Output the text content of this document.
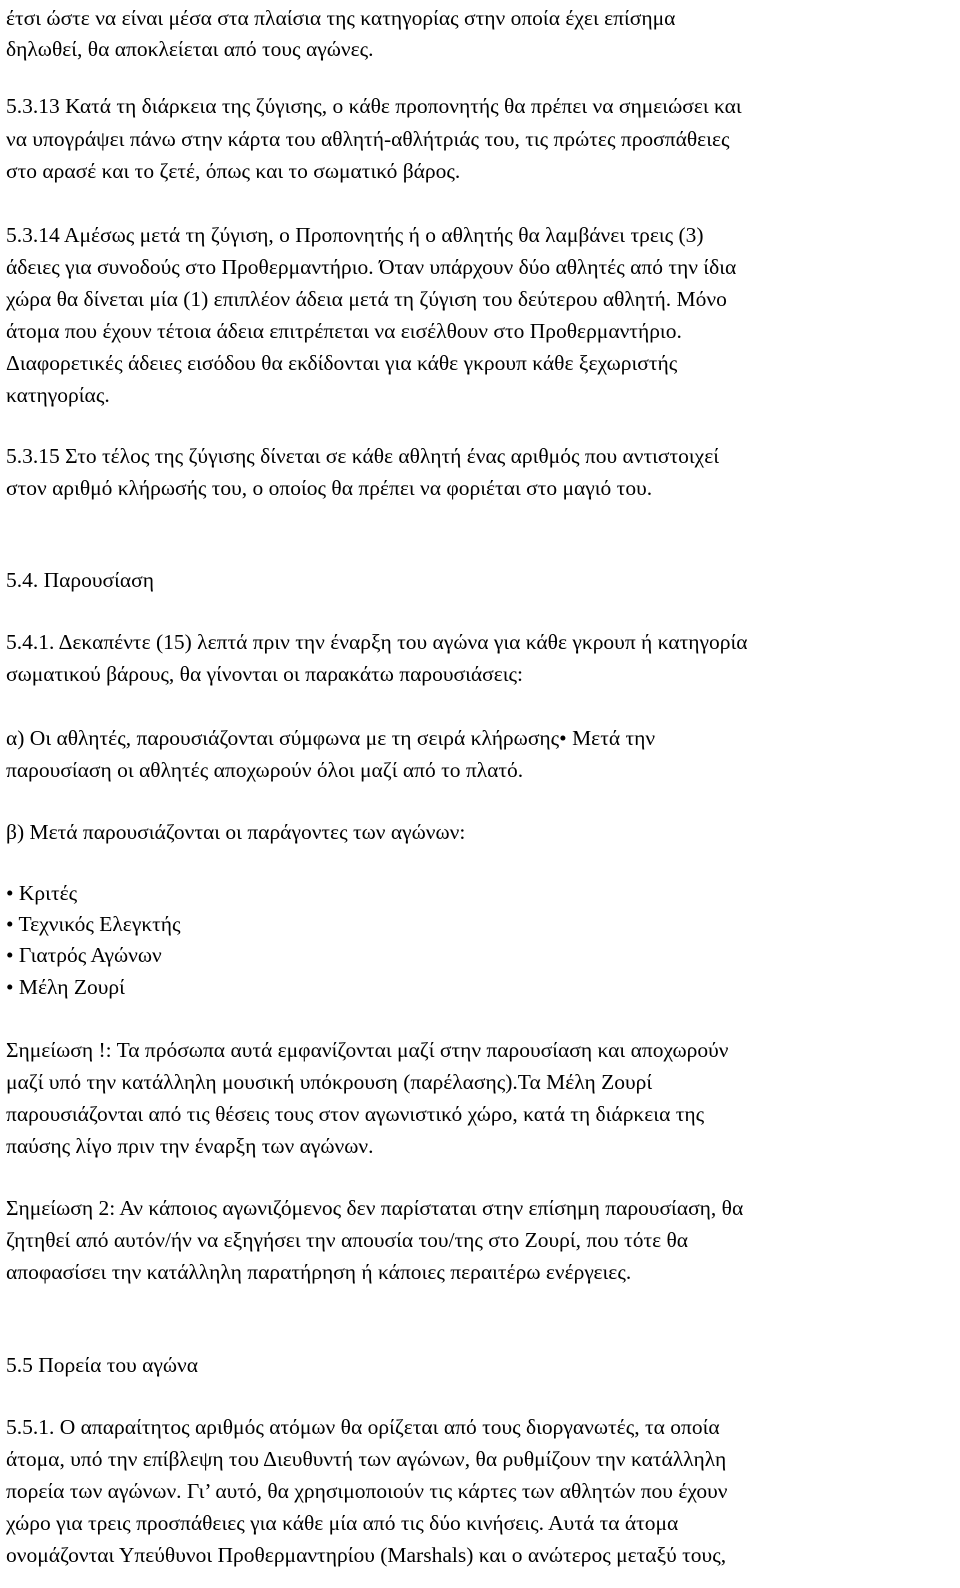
έτσι ώστε να είναι μέσα στα πλαίσια της κατηγορίας στην οποία έχει επίσημα
δηλωθεί, θα αποκλείεται από τους αγώνες.
5.3.13 Κατά τη διάρκεια της ζύγισης, ο κάθε προπονητής θα πρέπει να σημειώσει και
να υπογράψει πάνω στην κάρτα του αθλητή-αθλήτριάς του, τις πρώτες προσπάθειες
στο αρασέ και το ζετέ, όπως και το σωματικό βάρος.
5.3.14 Αμέσως μετά τη ζύγιση, ο Προπονητής ή ο αθλητής θα λαμβάνει τρεις (3)
άδειες για συνοδούς στο Προθερμαντήριο. Όταν υπάρχουν δύο αθλητές από την ίδια
χώρα θα δίνεται μία (1) επιπλέον άδεια μετά τη ζύγιση του δεύτερου αθλητή. Μόνο
άτομα που έχουν τέτοια άδεια επιτρέπεται να εισέλθουν στο Προθερμαντήριο.
Διαφορετικές άδειες εισόδου θα εκδίδονται για κάθε γκρουπ κάθε ξεχωριστής
κατηγορίας.
5.3.15 Στο τέλος της ζύγισης δίνεται σε κάθε αθλητή ένας αριθμός που αντιστοιχεί
στον αριθμό κλήρωσής του, ο οποίος θα πρέπει να φοριέται στο μαγιό του.
5.4. Παρουσίαση
5.4.1. Δεκαπέντε (15) λεπτά πριν την έναρξη του αγώνα για κάθε γκρουπ ή κατηγορία
σωματικού βάρους, θα γίνονται οι παρακάτω παρουσιάσεις:
α) Οι αθλητές, παρουσιάζονται σύμφωνα με τη σειρά κλήρωσης• Μετά την
παρουσίαση οι αθλητές αποχωρούν όλοι μαζί από το πλατό.
β) Μετά παρουσιάζονται οι παράγοντες των αγώνων:
• Κριτές
• Τεχνικός Ελεγκτής
• Γιατρός Αγώνων
• Μέλη Ζουρί
Σημείωση !: Τα πρόσωπα αυτά εμφανίζονται μαζί στην παρουσίαση και αποχωρούν
μαζί υπό την κατάλληλη μουσική υπόκρουση (παρέλασης).Τα Μέλη Ζουρί
παρουσιάζονται από τις θέσεις τους στον αγωνιστικό χώρο, κατά τη διάρκεια της
παύσης λίγο πριν την έναρξη των αγώνων.
Σημείωση 2: Αν κάποιος αγωνιζόμενος δεν παρίσταται στην επίσημη παρουσίαση, θα
ζητηθεί από αυτόν/ήν να εξηγήσει την απουσία του/της στο Ζουρί, που τότε θα
αποφασίσει την κατάλληλη παρατήρηση ή κάποιες περαιτέρω ενέργειες.
5.5 Πορεία του αγώνα
5.5.1. Ο απαραίτητος αριθμός ατόμων θα ορίζεται από τους διοργανωτές, τα οποία
άτομα, υπό την επίβλεψη του Διευθυντή των αγώνων, θα ρυθμίζουν την κατάλληλη
πορεία των αγώνων. Γι’ αυτό, θα χρησιμοποιούν τις κάρτες των αθλητών που έχουν
χώρο για τρεις προσπάθειες για κάθε μία από τις δύο κινήσεις. Αυτά τα άτομα
ονομάζονται Υπεύθυνοι Προθερμαντηρίου (Marshals) και ο ανώτερος μεταξύ τους,
